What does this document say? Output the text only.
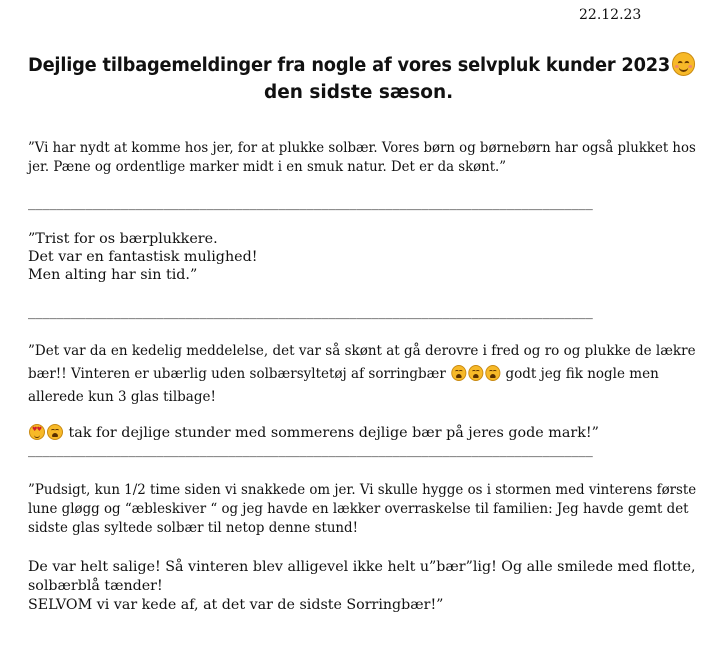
22.12.23
Dejlige tilbagemeldinger fra nogle af vores selvpluk kunder 2023
den sidste sæson.
”Vi har nydt at komme hos jer, for at plukke solbær. Vores børn og børnebørn har også plukket hos
jer. Pæne og ordentlige marker midt i en smuk natur. Det er da skønt.”
_______________________________________________________________________________
”Trist for os bærplukkere.
Det var en fantastisk mulighed!
Men alting har sin tid.”
_______________________________________________________________________________
”Det var da en kedelig meddelelse, det var så skønt at gå derovre i fred og ro og plukke de lækre
bær!! Vinteren er ubærlig uden solbærsyltetøj af sorringbær	godt jeg fik nogle men
allerede kun 3 glas tilbage!
♥
♥
tak for dejlige stunder med sommerens dejlige bær på jeres gode mark!”
_______________________________________________________________________________
”Pudsigt, kun 1/2 time siden vi snakkede om jer. Vi skulle hygge os i stormen med vinterens første
lune gløgg og “æbleskiver “ og jeg havde en lækker overraskelse til familien: Jeg havde gemt det
sidste glas syltede solbær til netop denne stund!
De var helt salige! Så vinteren blev alligevel ikke helt u”bær”lig! Og alle smilede med flotte,
solbærblå tænder!
SELVOM vi var kede af, at det var de sidste Sorringbær!”
